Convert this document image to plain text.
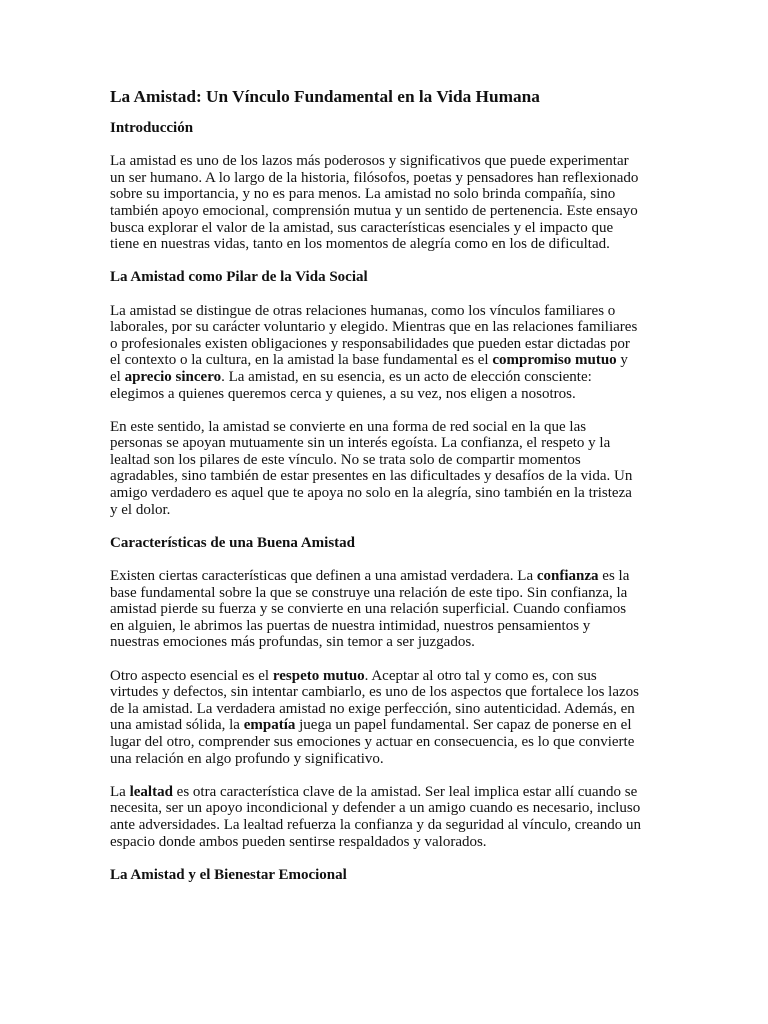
La Amistad: Un Vínculo Fundamental en la Vida Humana
Introducción
La amistad es uno de los lazos más poderosos y significativos que puede experimentar
un ser humano. A lo largo de la historia, filósofos, poetas y pensadores han reflexionado
sobre su importancia, y no es para menos. La amistad no solo brinda compañía, sino
también apoyo emocional, comprensión mutua y un sentido de pertenencia. Este ensayo
busca explorar el valor de la amistad, sus características esenciales y el impacto que
tiene en nuestras vidas, tanto en los momentos de alegría como en los de dificultad.
La Amistad como Pilar de la Vida Social
La amistad se distingue de otras relaciones humanas, como los vínculos familiares o
laborales, por su carácter voluntario y elegido. Mientras que en las relaciones familiares
o profesionales existen obligaciones y responsabilidades que pueden estar dictadas por
el contexto o la cultura, en la amistad la base fundamental es el compromiso mutuo y
el aprecio sincero. La amistad, en su esencia, es un acto de elección consciente:
elegimos a quienes queremos cerca y quienes, a su vez, nos eligen a nosotros.
En este sentido, la amistad se convierte en una forma de red social en la que las
personas se apoyan mutuamente sin un interés egoísta. La confianza, el respeto y la
lealtad son los pilares de este vínculo. No se trata solo de compartir momentos
agradables, sino también de estar presentes en las dificultades y desafíos de la vida. Un
amigo verdadero es aquel que te apoya no solo en la alegría, sino también en la tristeza
y el dolor.
Características de una Buena Amistad
Existen ciertas características que definen a una amistad verdadera. La confianza es la
base fundamental sobre la que se construye una relación de este tipo. Sin confianza, la
amistad pierde su fuerza y se convierte en una relación superficial. Cuando confiamos
en alguien, le abrimos las puertas de nuestra intimidad, nuestros pensamientos y
nuestras emociones más profundas, sin temor a ser juzgados.
Otro aspecto esencial es el respeto mutuo. Aceptar al otro tal y como es, con sus
virtudes y defectos, sin intentar cambiarlo, es uno de los aspectos que fortalece los lazos
de la amistad. La verdadera amistad no exige perfección, sino autenticidad. Además, en
una amistad sólida, la empatía juega un papel fundamental. Ser capaz de ponerse en el
lugar del otro, comprender sus emociones y actuar en consecuencia, es lo que convierte
una relación en algo profundo y significativo.
La lealtad es otra característica clave de la amistad. Ser leal implica estar allí cuando se
necesita, ser un apoyo incondicional y defender a un amigo cuando es necesario, incluso
ante adversidades. La lealtad refuerza la confianza y da seguridad al vínculo, creando un
espacio donde ambos pueden sentirse respaldados y valorados.
La Amistad y el Bienestar Emocional
